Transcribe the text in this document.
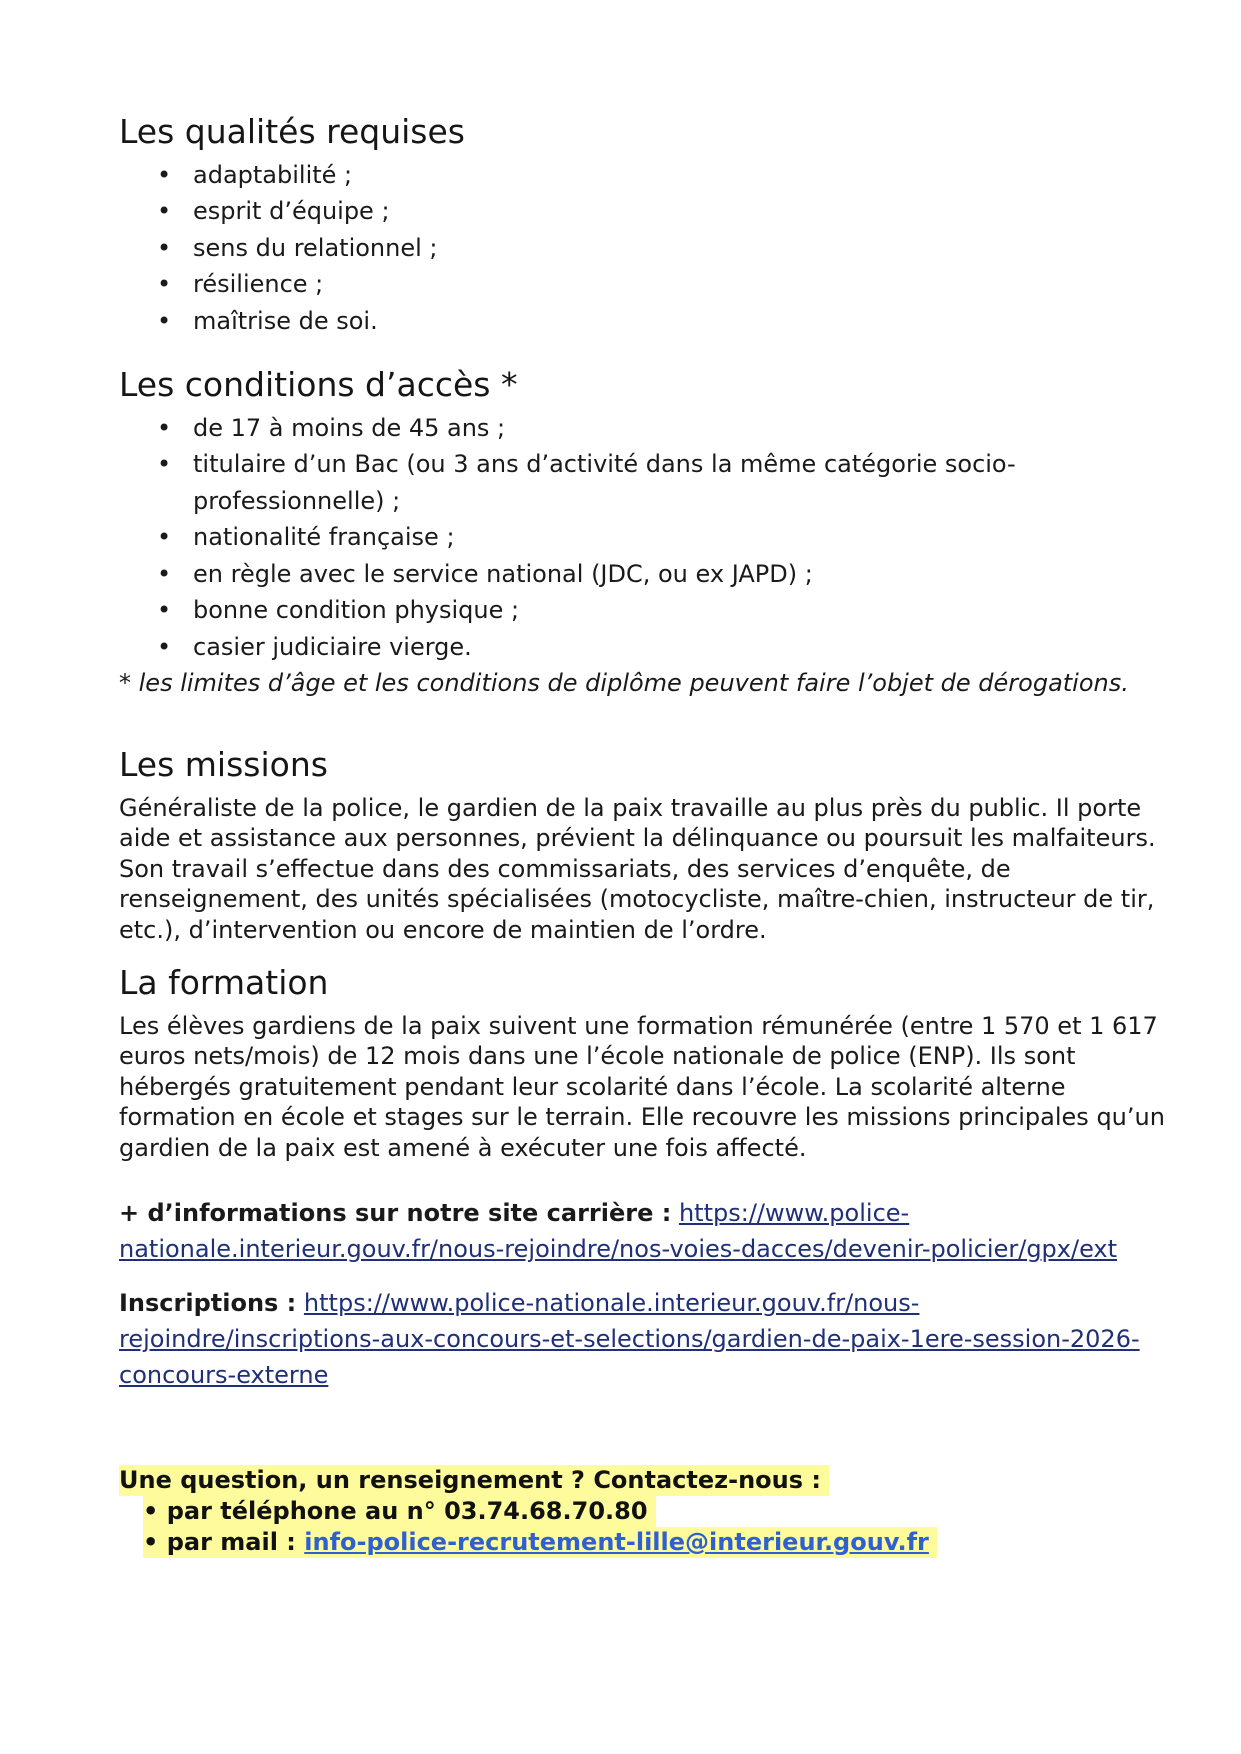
Les qualités requises
• adaptabilité ;
• esprit d’équipe ;
• sens du relationnel ;
• résilience ;
• maîtrise de soi.
Les conditions d’accès *
• de 17 à moins de 45 ans ;
• titulaire d’un Bac (ou 3 ans d’activité dans la même catégorie socio-professionnelle) ;
• nationalité française ;
• en règle avec le service national (JDC, ou ex JAPD) ;
• bonne condition physique ;
• casier judiciaire vierge.

* les limites d’âge et les conditions de diplôme peuvent faire l’objet de dérogations.

Les missions

Généraliste de la police, le gardien de la paix travaille au plus près du public. Il porte aide et assistance aux personnes, prévient la délinquance ou poursuit les malfaiteurs. Son travail s’effectue dans des commissariats, des services d’enquête, de renseignement, des unités spécialisées (motocycliste, maître-chien, instructeur de tir, etc.), d’intervention ou encore de maintien de l’ordre.

La formation

Les élèves gardiens de la paix suivent une formation rémunérée (entre 1 570 et 1 617 euros nets/mois) de 12 mois dans une l’école nationale de police (ENP). Ils sont hébergés gratuitement pendant leur scolarité dans l’école. La scolarité alterne formation en école et stages sur le terrain. Elle recouvre les missions principales qu’un gardien de la paix est amené à exécuter une fois affecté.

+ d’informations sur notre site carrière : https://www.police-nationale.interieur.gouv.fr/nous-rejoindre/nos-voies-dacces/devenir-policier/gpx/ext

Inscriptions : https://www.police-nationale.interieur.gouv.fr/nous-rejoindre/inscriptions-aux-concours-et-selections/gardien-de-paix-1ere-session-2026-concours-externe

Une question, un renseignement ? Contactez-nous :
• par téléphone au n° 03.74.68.70.80
• par mail : info-police-recrutement-lille@interieur.gouv.fr
